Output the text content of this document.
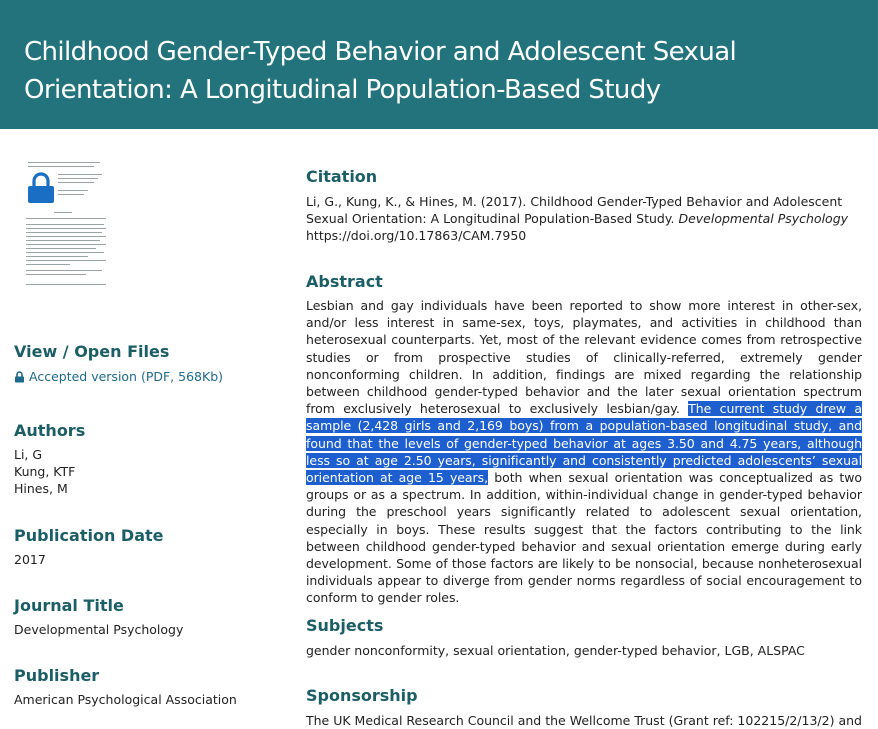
Childhood Gender-Typed Behavior and Adolescent Sexual Orientation: A Longitudinal Population-Based Study
View / Open Files
Accepted version (PDF, 568Kb)
Authors
Li, G
Kung, KTF
Hines, M
Publication Date
2017
Journal Title
Developmental Psychology
Publisher
American Psychological Association
Citation

Li, G., Kung, K., & Hines, M. (2017). Childhood Gender-Typed Behavior and Adolescent Sexual Orientation: A Longitudinal Population-Based Study. Developmental Psychology
https://doi.org/10.17863/CAM.7950

Abstract

Lesbian and gay individuals have been reported to show more interest in other-sex, and/or less interest in same-sex, toys, playmates, and activities in childhood than heterosexual counterparts. Yet, most of the relevant evidence comes from retrospective studies or from prospective studies of clinically-referred, extremely gender nonconforming children. In addition, findings are mixed regarding the relationship between childhood gender-typed behavior and the later sexual orientation spectrum from exclusively heterosexual to exclusively lesbian/gay. The current study drew a sample (2,428 girls and 2,169 boys) from a population-based longitudinal study, and found that the levels of gender-typed behavior at ages 3.50 and 4.75 years, although less so at age 2.50 years, significantly and consistently predicted adolescents’ sexual orientation at age 15 years, both when sexual orientation was conceptualized as two groups or as a spectrum. In addition, within-individual change in gender-typed behavior during the preschool years significantly related to adolescent sexual orientation, especially in boys. These results suggest that the factors contributing to the link between childhood gender-typed behavior and sexual orientation emerge during early development. Some of those factors are likely to be nonsocial, because nonheterosexual individuals appear to diverge from gender norms regardless of social encouragement to conform to gender roles.

Subjects

gender nonconformity, sexual orientation, gender-typed behavior, LGB, ALSPAC

Sponsorship

The UK Medical Research Council and the Wellcome Trust (Grant ref: 102215/2/13/2) and
